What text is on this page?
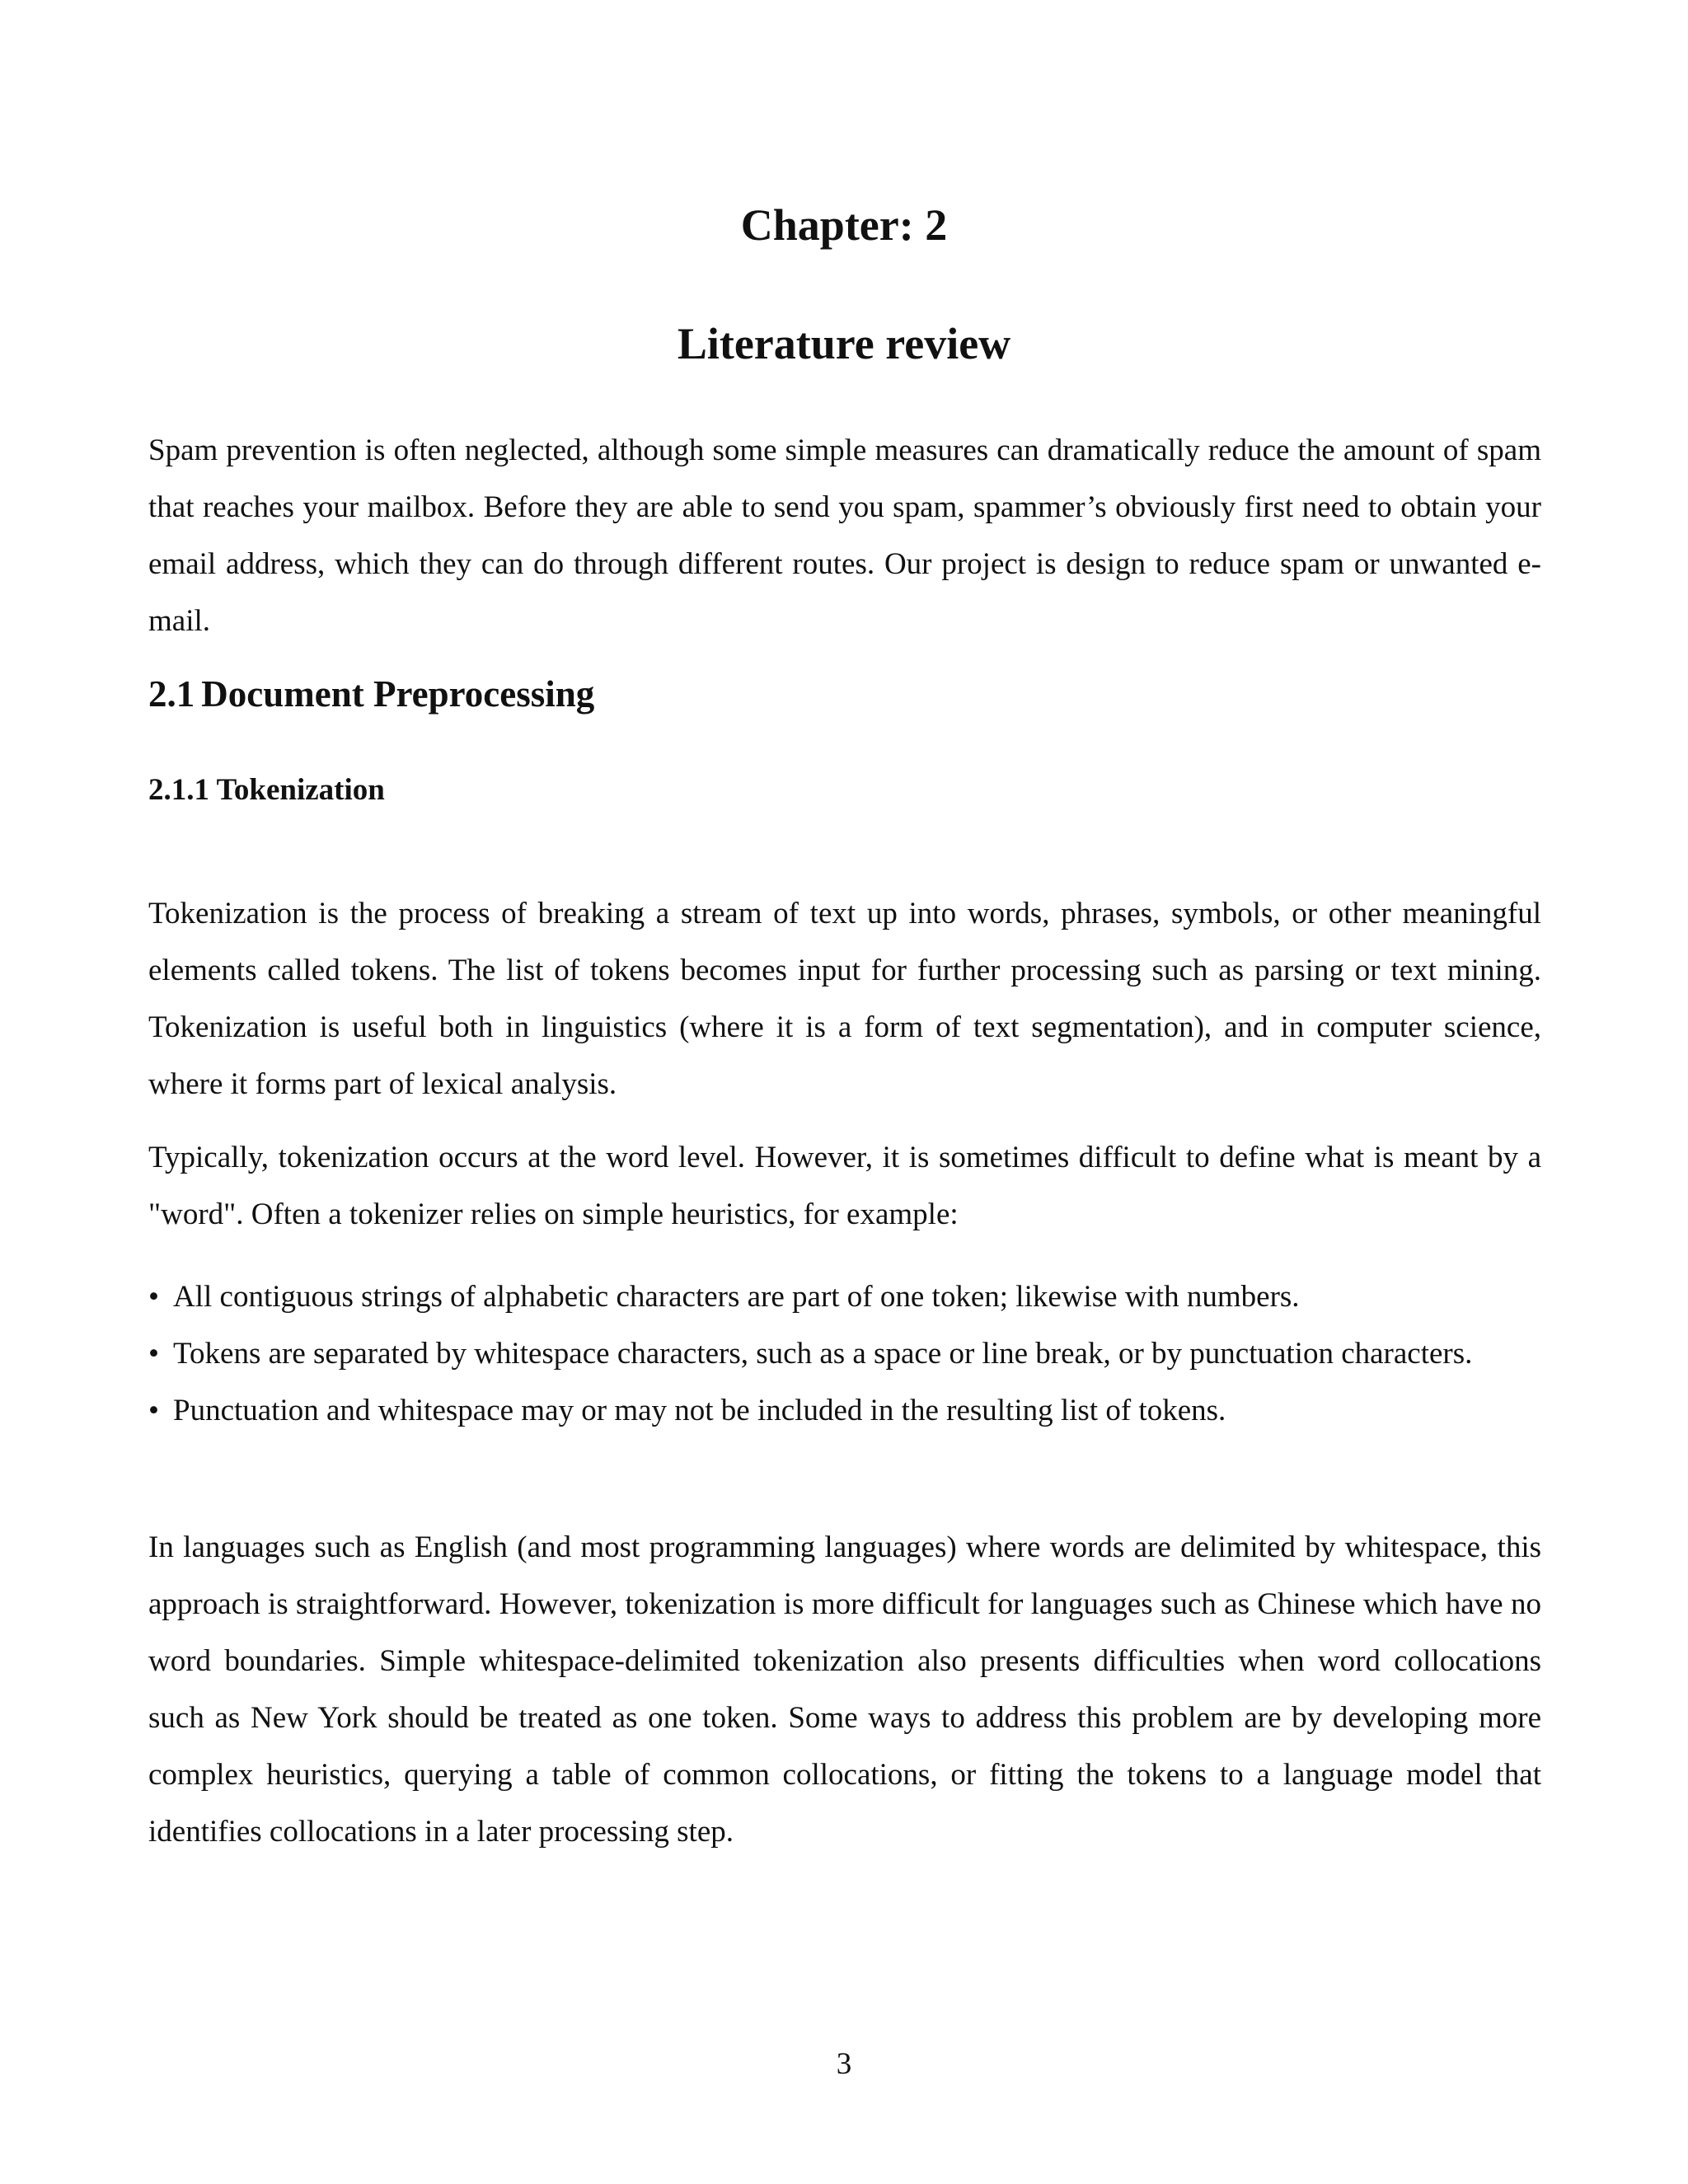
Chapter: 2
Literature review

Spam prevention is often neglected, although some simple measures can dramatically reduce the amount of spam that reaches your mailbox. Before they are able to send you spam, spammer’s obviously first need to obtain your email address, which they can do through different routes. Our project is design to reduce spam or unwanted e-mail.

2.1 Document Preprocessing
2.1.1 Tokenization

Tokenization is the process of breaking a stream of text up into words, phrases, symbols, or other meaningful elements called tokens. The list of tokens becomes input for further processing such as parsing or text mining. Tokenization is useful both in linguistics (where it is a form of text segmentation), and in computer science, where it forms part of lexical analysis.

Typically, tokenization occurs at the word level. However, it is sometimes difficult to define what is meant by a "word". Often a tokenizer relies on simple heuristics, for example:

• All contiguous strings of alphabetic characters are part of one token; likewise with numbers.
• Tokens are separated by whitespace characters, such as a space or line break, or by punctuation characters.
• Punctuation and whitespace may or may not be included in the resulting list of tokens.

In languages such as English (and most programming languages) where words are delimited by whitespace, this approach is straightforward. However, tokenization is more difficult for languages such as Chinese which have no word boundaries. Simple whitespace-delimited tokenization also presents difficulties when word collocations such as New York should be treated as one token. Some ways to address this problem are by developing more complex heuristics, querying a table of common collocations, or fitting the tokens to a language model that identifies collocations in a later processing step.

3
